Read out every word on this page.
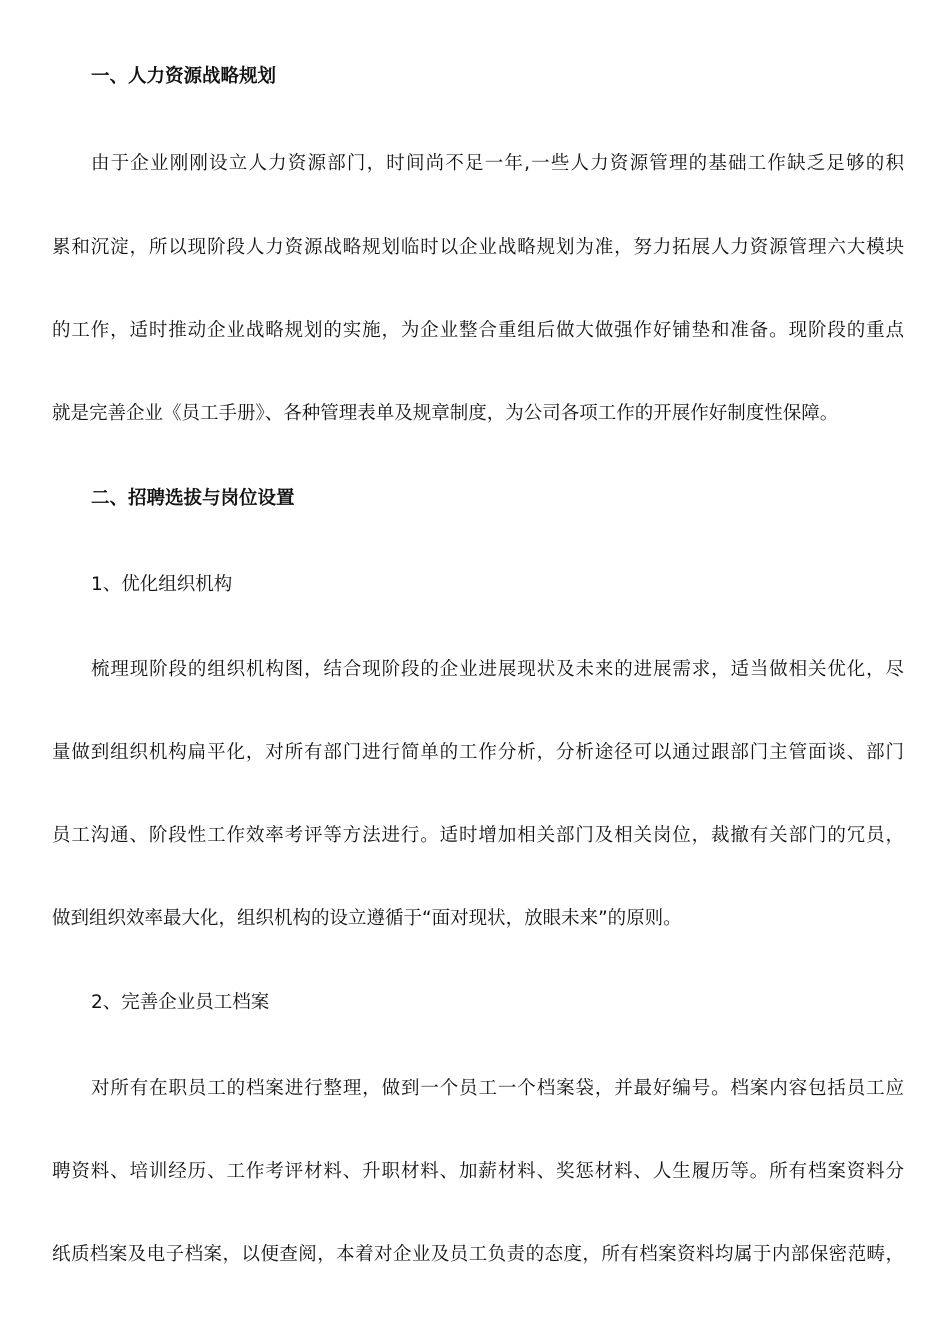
一、人力资源战略规划
由于企业刚刚设立人力资源部门，时间尚不足一年,一些人力资源管理的基础工作缺乏足够的积
累和沉淀，所以现阶段人力资源战略规划临时以企业战略规划为准，努力拓展人力资源管理六大模块
的工作，适时推动企业战略规划的实施，为企业整合重组后做大做强作好铺垫和准备。现阶段的重点
就是完善企业《员工手册》、各种管理表单及规章制度，为公司各项工作的开展作好制度性保障。
二、招聘选拔与岗位设置
1、优化组织机构
梳理现阶段的组织机构图，结合现阶段的企业进展现状及未来的进展需求，适当做相关优化，尽
量做到组织机构扁平化，对所有部门进行简单的工作分析，分析途径可以通过跟部门主管面谈、部门
员工沟通、阶段性工作效率考评等方法进行。适时增加相关部门及相关岗位，裁撤有关部门的冗员，
做到组织效率最大化，组织机构的设立遵循于“面对现状，放眼未来”的原则。
2、完善企业员工档案
对所有在职员工的档案进行整理，做到一个员工一个档案袋，并最好编号。档案内容包括员工应
聘资料、培训经历、工作考评材料、升职材料、加薪材料、奖惩材料、人生履历等。所有档案资料分
纸质档案及电子档案，以便查阅，本着对企业及员工负责的态度，所有档案资料均属于内部保密范畴，
